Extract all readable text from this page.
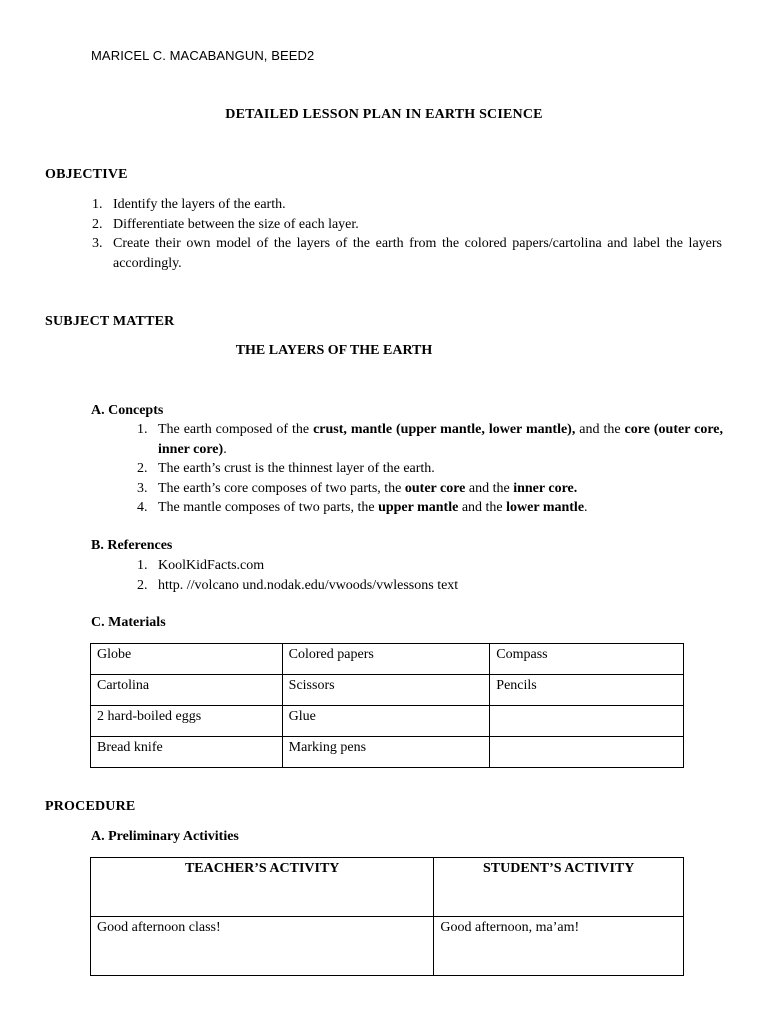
MARICEL C. MACABANGUN, BEED2
DETAILED LESSON PLAN IN EARTH SCIENCE
OBJECTIVE
1. Identify the layers of the earth.
2. Differentiate between the size of each layer.
3. Create their own model of the layers of the earth from the colored papers/cartolina and label the layers accordingly.
SUBJECT MATTER
THE LAYERS OF THE EARTH
A. Concepts
1. The earth composed of the crust, mantle (upper mantle, lower mantle), and the core (outer core, inner core).
2. The earth’s crust is the thinnest layer of the earth.
3. The earth’s core composes of two parts, the outer core and the inner core.
4. The mantle composes of two parts, the upper mantle and the lower mantle.
B. References
1. KoolKidFacts.com
2. http. //volcano und.nodak.edu/vwoods/vwlessons text
C. Materials
Globe	Colored papers	Compass
Cartolina	Scissors	Pencils
2 hard-boiled eggs	Glue	
Bread knife	Marking pens	
PROCEDURE
A. Preliminary Activities
TEACHER’S ACTIVITY	STUDENT’S ACTIVITY
Good afternoon class!	Good afternoon, ma’am!
